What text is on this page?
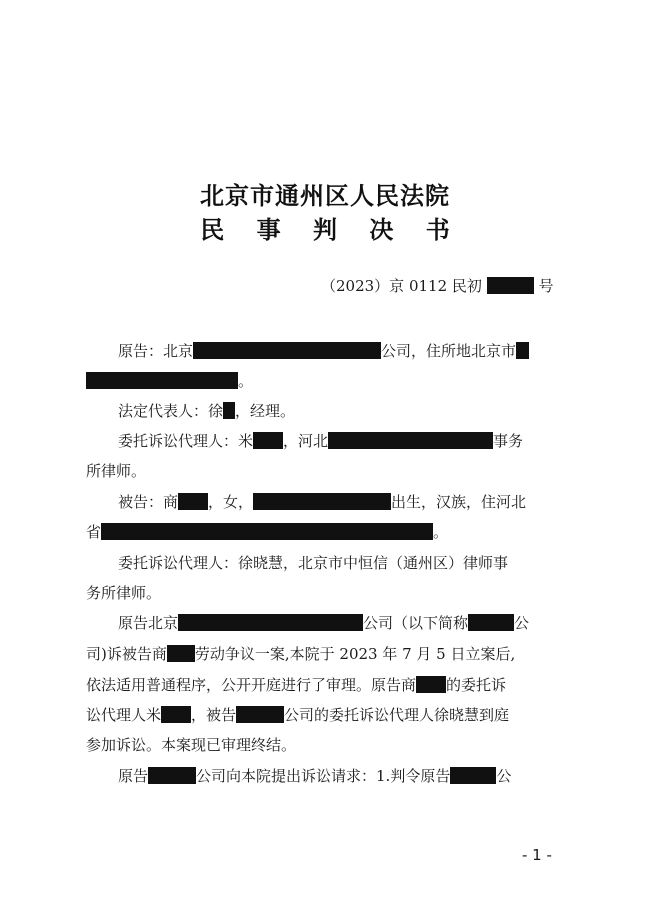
北京市通州区人民法院
民 事 判 决 书
（2023）京 0112 民初	号
原告：北京	公司，住所地北京市
。
法定代表人：徐 ，经理。
委托诉讼代理人：米 ，河北	事务
所律师。
被告：商 ，女，	出生，汉族，住河北
省	。
委托诉讼代理人：徐晓慧，北京市中恒信（通州区）律师事
务所律师。
原告北京	公司（以下简称	公
司)诉被告商 劳动争议一案,本院于 2023 年 7 月 5 日立案后,
依法适用普通程序，公开开庭进行了审理。原告商 的委托诉
讼代理人米 ，被告	公司的委托诉讼代理人徐晓慧到庭
参加诉讼。本案现已审理终结。
原告	公司向本院提出诉讼请求：1.判令原告	公
- 1 -
